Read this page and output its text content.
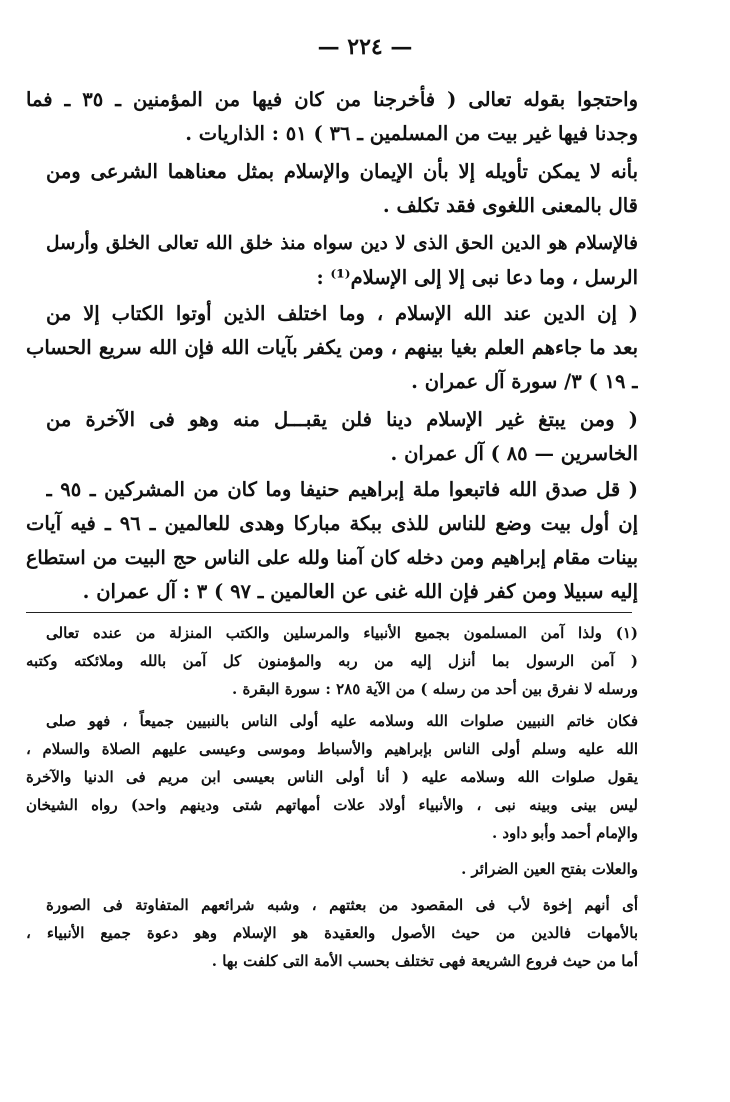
— ٢٢٤ —
واحتجوا بقوله تعالى ( فأخرجنا من كان فيها من المؤمنين ـ ٣٥ ـ فما
وجدنا فيها غير بيت من المسلمين ـ ٣٦ ) ٥١ : الذاريات .
بأنه لا يمكن تأويله إلا بأن الإيمان والإسلام بمثل معناهما الشرعى ومن
قال بالمعنى اللغوى فقد تكلف .
فالإسلام هو الدين الحق الذى لا دين سواه منذ خلق الله تعالى الخلق وأرسل
الرسل ، وما دعا نبى إلا إلى الإسلام⁽¹⁾ :
( إن الدين عند الله الإسلام ، وما اختلف الذين أوتوا الكتاب إلا من
بعد ما جاءهم العلم بغيا بينهم ، ومن يكفر بآيات الله فإن الله سريع الحساب
ـ ١٩ ) ٣/ سورة آل عمران .
( ومن يبتغ غير الإسلام دينا فلن يقبـــل منه وهو فى الآخرة من
الخاسرين — ٨٥ ) آل عمران .
( قل صدق الله فاتبعوا ملة إبراهيم حنيفا وما كان من المشركين ـ ٩٥ ـ
إن أول بيت وضع للناس للذى ببكة مباركا وهدى للعالمين ـ ٩٦ ـ فيه آيات
بينات مقام إبراهيم ومن دخله كان آمنا ولله على الناس حج البيت من استطاع
إليه سبيلا ومن كفر فإن الله غنى عن العالمين ـ ٩٧ ) ٣ : آل عمران .
(١) ولذا آمن المسلمون بجميع الأنبياء والمرسلين والكتب المنزلة من عنده تعالى
( آمن الرسول بما أنزل إليه من ربه والمؤمنون كل آمن بالله وملائكته وكتبه
ورسله لا نفرق بين أحد من رسله ) من الآية ٢٨٥ : سورة البقرة .
فكان خاتم النبيين صلوات الله وسلامه عليه أولى الناس بالنبيين جميعاً ، فهو صلى
الله عليه وسلم أولى الناس بإبراهيم والأسباط وموسى وعيسى عليهم الصلاة والسلام ،
يقول صلوات الله وسلامه عليه ( أنا أولى الناس بعيسى ابن مريم فى الدنيا والآخرة
ليس بينى وبينه نبى ، والأنبياء أولاد علات أمهاتهم شتى ودينهم واحد) رواه الشيخان
والإمام أحمد وأبو داود .
والعلات بفتح العين الضرائر .
أى أنهم إخوة لأب فى المقصود من بعثتهم ، وشبه شرائعهم المتفاوتة فى الصورة
بالأمهات فالدين من حيث الأصول والعقيدة هو الإسلام وهو دعوة جميع الأنبياء ،
أما من حيث فروع الشريعة فهى تختلف بحسب الأمة التى كلفت بها .
